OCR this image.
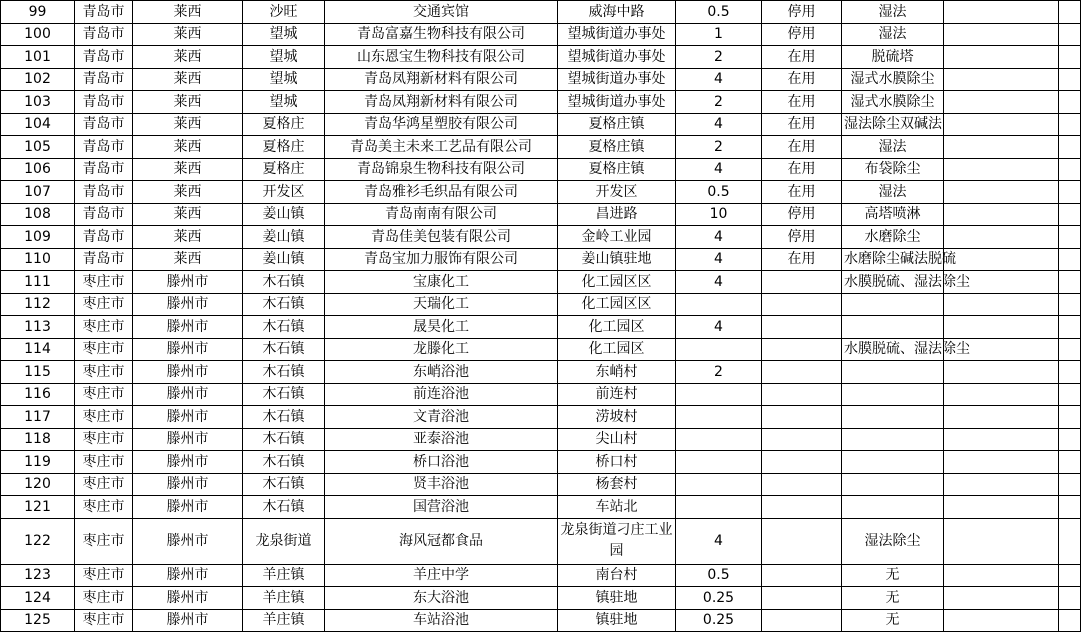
99	青岛市	莱西	沙旺	交通宾馆	威海中路	0.5	停用	湿法			
100	青岛市	莱西	望城	青岛富嘉生物科技有限公司	望城街道办事处	1	停用	湿法			
101	青岛市	莱西	望城	山东恩宝生物科技有限公司	望城街道办事处	2	在用	脱硫塔			
102	青岛市	莱西	望城	青岛凤翔新材料有限公司	望城街道办事处	4	在用	湿式水膜除尘			
103	青岛市	莱西	望城	青岛凤翔新材料有限公司	望城街道办事处	2	在用	湿式水膜除尘			
104	青岛市	莱西	夏格庄	青岛华鸿星塑胶有限公司	夏格庄镇	4	在用	湿法除尘双碱法			
105	青岛市	莱西	夏格庄	青岛美主未来工艺品有限公司	夏格庄镇	2	在用	湿法			
106	青岛市	莱西	夏格庄	青岛锦泉生物科技有限公司	夏格庄镇	4	在用	布袋除尘			
107	青岛市	莱西	开发区	青岛雅衫毛织品有限公司	开发区	0.5	在用	湿法			
108	青岛市	莱西	姜山镇	青岛南南有限公司	昌进路	10	停用	高塔喷淋			
109	青岛市	莱西	姜山镇	青岛佳美包装有限公司	金岭工业园	4	停用	水磨除尘			
110	青岛市	莱西	姜山镇	青岛宝加力服饰有限公司	姜山镇驻地	4	在用	水磨除尘碱法脱硫			
111	枣庄市	滕州市	木石镇	宝康化工	化工园区区	4		水膜脱硫、湿法除尘			
112	枣庄市	滕州市	木石镇	天瑞化工	化工园区区						
113	枣庄市	滕州市	木石镇	晟昊化工	化工园区	4					
114	枣庄市	滕州市	木石镇	龙滕化工	化工园区			水膜脱硫、湿法除尘			
115	枣庄市	滕州市	木石镇	东峭浴池	东峭村	2					
116	枣庄市	滕州市	木石镇	前连浴池	前连村						
117	枣庄市	滕州市	木石镇	文青浴池	涝坡村						
118	枣庄市	滕州市	木石镇	亚泰浴池	尖山村						
119	枣庄市	滕州市	木石镇	桥口浴池	桥口村						
120	枣庄市	滕州市	木石镇	贤丰浴池	杨套村						
121	枣庄市	滕州市	木石镇	国营浴池	车站北						
122	枣庄市	滕州市	龙泉街道	海风冠都食品	龙泉街道刁庄工业园	4		湿法除尘			
123	枣庄市	滕州市	羊庄镇	羊庄中学	南台村	0.5		无			
124	枣庄市	滕州市	羊庄镇	东大浴池	镇驻地	0.25		无			
125	枣庄市	滕州市	羊庄镇	车站浴池	镇驻地	0.25		无			
